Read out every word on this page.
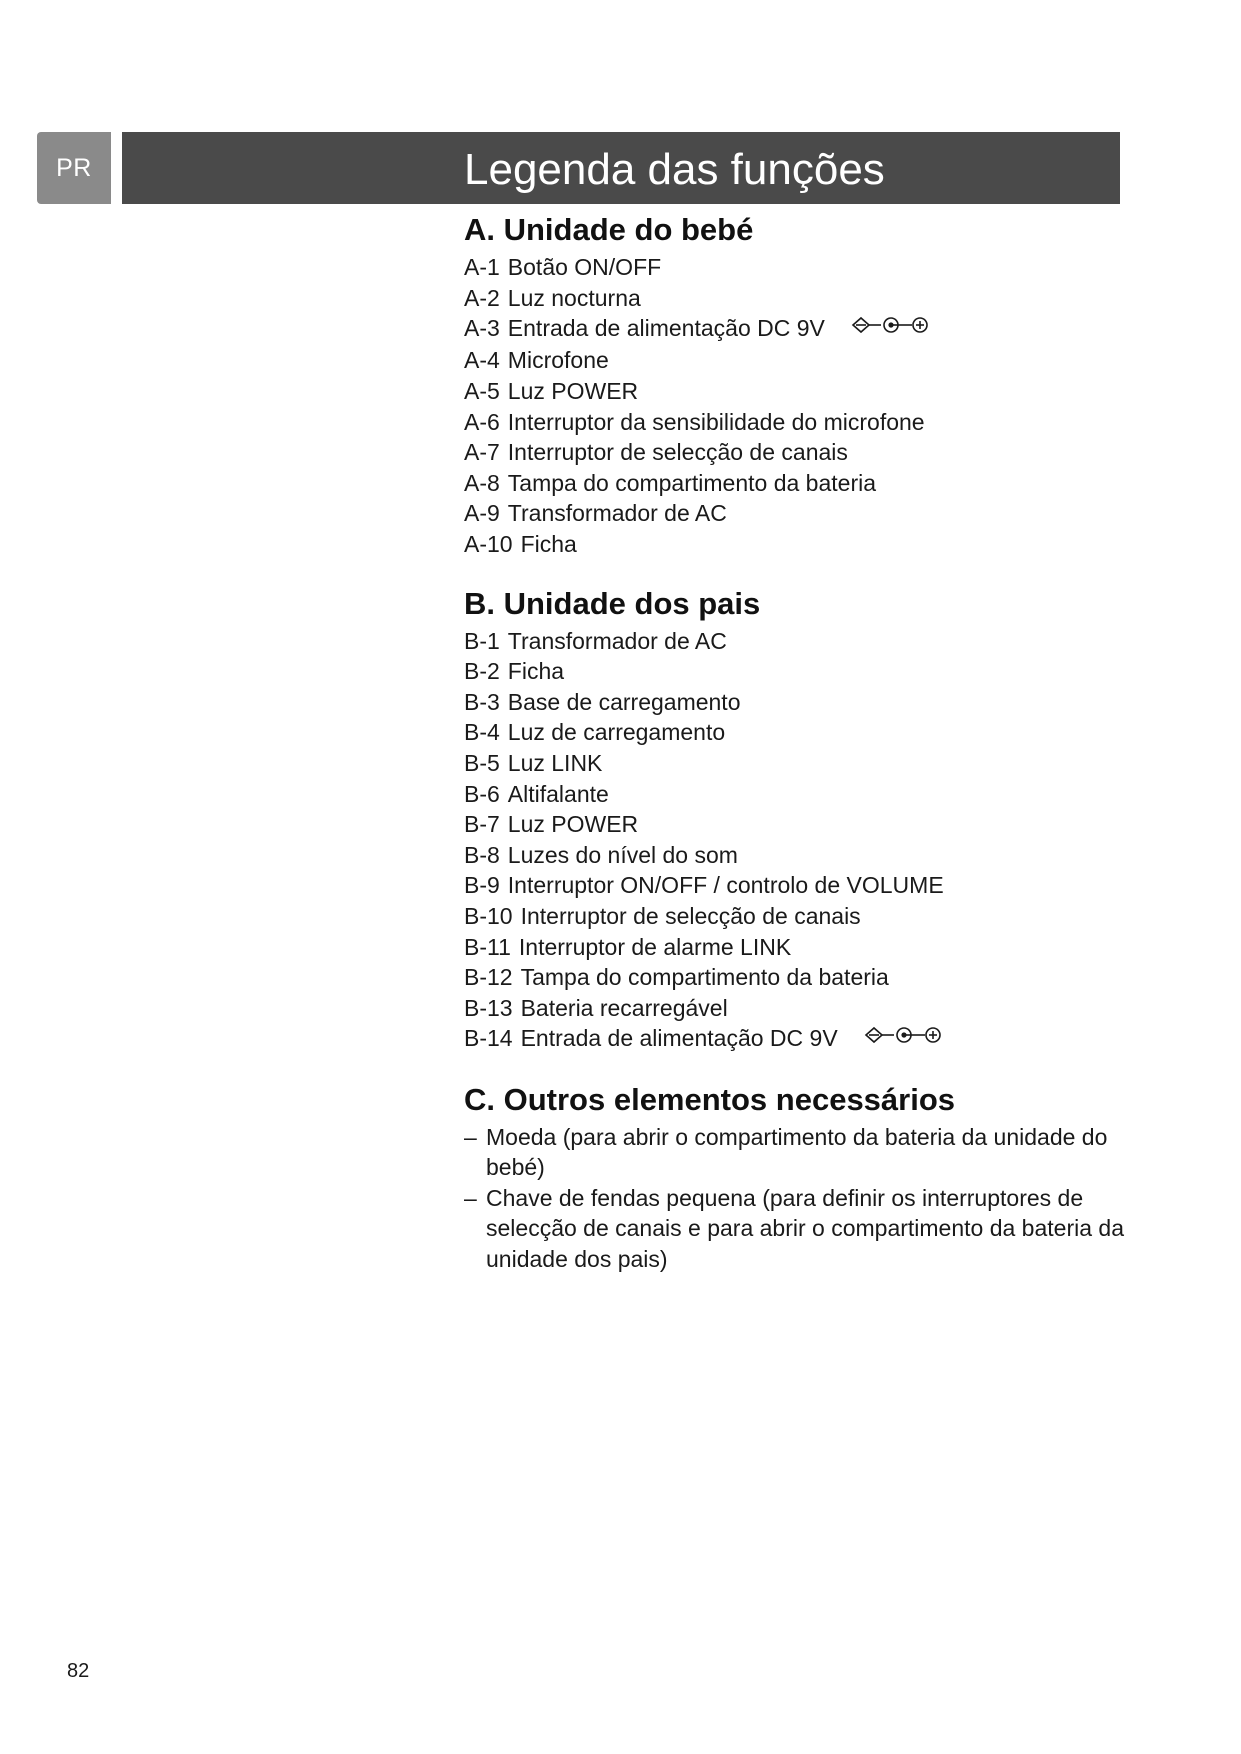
PR	Legenda das funções
A. Unidade do bebé
A-1 Botão ON/OFF
A-2 Luz nocturna
A-3 Entrada de alimentação DC 9V
A-4 Microfone
A-5 Luz POWER
A-6 Interruptor da sensibilidade do microfone
A-7 Interruptor de selecção de canais
A-8 Tampa do compartimento da bateria
A-9 Transformador de AC
A-10 Ficha
B. Unidade dos pais
B-1 Transformador de AC
B-2 Ficha
B-3 Base de carregamento
B-4 Luz de carregamento
B-5 Luz LINK
B-6 Altifalante
B-7 Luz POWER
B-8 Luzes do nível do som
B-9 Interruptor ON/OFF / controlo de VOLUME
B-10 Interruptor de selecção de canais
B-11 Interruptor de alarme LINK
B-12 Tampa do compartimento da bateria
B-13 Bateria recarregável
B-14 Entrada de alimentação DC 9V
C. Outros elementos necessários
– Moeda (para abrir o compartimento da bateria da unidade do bebé)
– Chave de fendas pequena (para definir os interruptores de selecção de canais e para abrir o compartimento da bateria da unidade dos pais)
82
